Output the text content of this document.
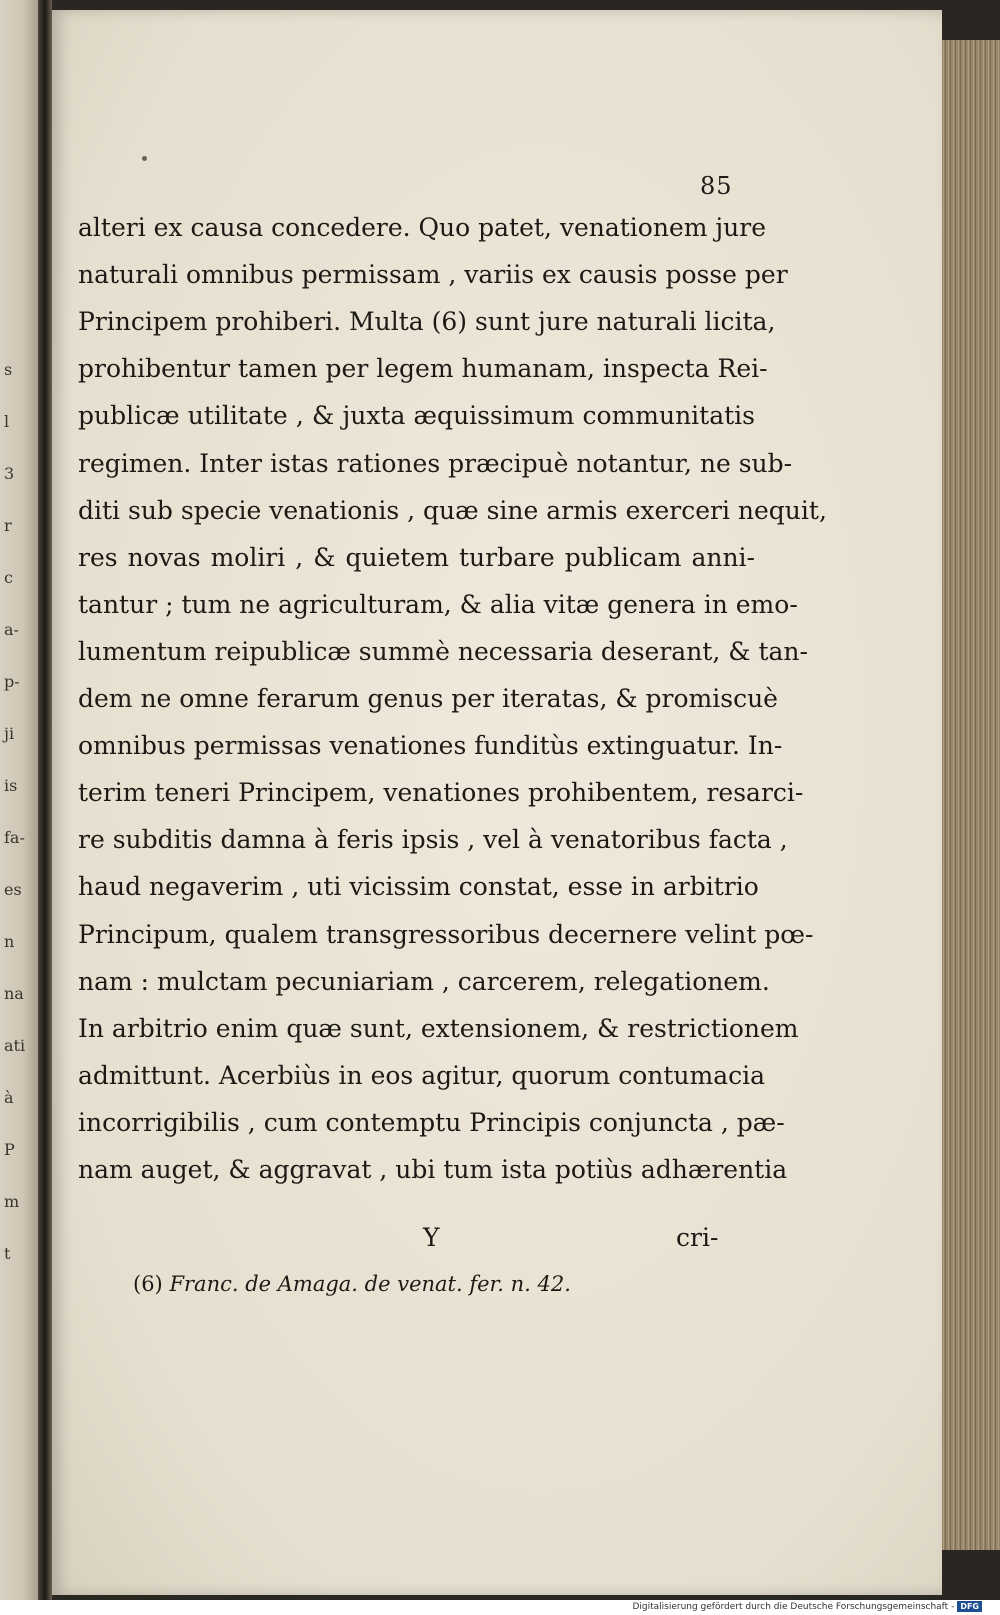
s
l
3
r
c
a-
p-
ji
is
fa-
es
n
na
ati
à
P
m
t
85
alteri ex causa concedere. Quo patet, venationem jure
naturali omnibus permissam , variis ex causis posse per
Principem prohiberi. Multa (6) sunt jure naturali licita,
prohibentur tamen per legem humanam, inspecta Rei-
publicæ utilitate , & juxta æquissimum communitatis
regimen. Inter istas rationes præcipuè notantur, ne sub-
diti sub specie venationis , quæ sine armis exerceri nequit,
res novas moliri , & quietem turbare publicam anni-
tantur ; tum ne agriculturam, & alia vitæ genera in emo-
lumentum reipublicæ summè necessaria deserant, & tan-
dem ne omne ferarum genus per iteratas, & promiscuè
omnibus permissas venationes funditùs extinguatur. In-
terim teneri Principem, venationes prohibentem, resarci-
re subditis damna à feris ipsis , vel à venatoribus facta ,
haud negaverim , uti vicissim constat, esse in arbitrio
Principum, qualem transgressoribus decernere velint pœ-
nam : mulctam pecuniariam , carcerem, relegationem.
In arbitrio enim quæ sunt, extensionem, & restrictionem
admittunt. Acerbiùs in eos agitur, quorum contumacia
incorrigibilis , cum contemptu Principis conjuncta , pæ-
nam auget, & aggravat , ubi tum ista potiùs adhærentia
Y	cri-
(6) Franc. de Amaga. de venat. fer. n. 42.
Digitalisierung gefördert durch die Deutsche Forschungsgemeinschaft - DFG
